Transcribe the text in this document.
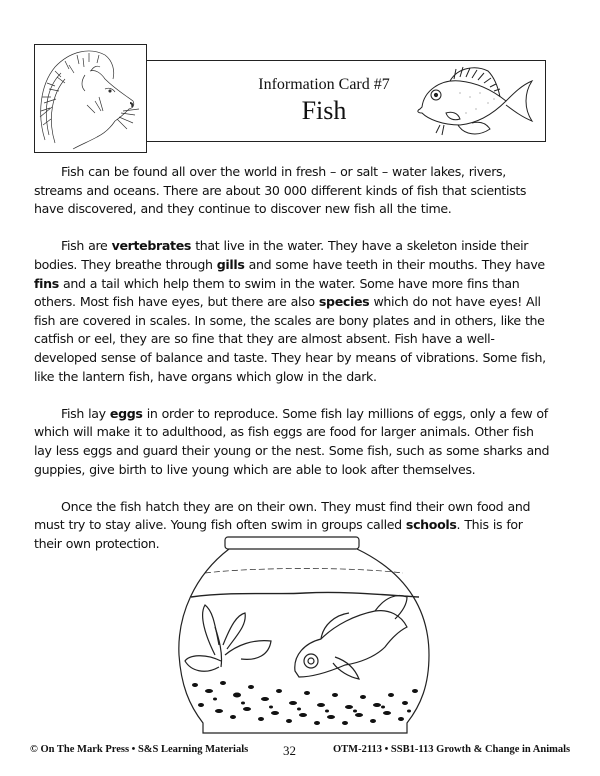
Information Card #7
Fish

Fish can be found all over the world in fresh – or salt – water lakes, rivers, streams and oceans. There are about 30 000 different kinds of fish that scientists have discovered, and they continue to discover new fish all the time.

Fish are vertebrates that live in the water. They have a skeleton inside their bodies. They breathe through gills and some have teeth in their mouths. They have fins and a tail which help them to swim in the water. Some have more fins than others. Most fish have eyes, but there are also species which do not have eyes! All fish are covered in scales. In some, the scales are bony plates and in others, like the catfish or eel, they are so fine that they are almost absent. Fish have a well-developed sense of balance and taste. They hear by means of vibrations. Some fish, like the lantern fish, have organs which glow in the dark.

Fish lay eggs in order to reproduce. Some fish lay millions of eggs, only a few of which will make it to adulthood, as fish eggs are food for larger animals. Other fish lay less eggs and guard their young or the nest. Some fish, such as some sharks and guppies, give birth to live young which are able to look after themselves.

Once the fish hatch they are on their own. They must find their own food and must try to stay alive. Young fish often swim in groups called schools. This is for their own protection.

© On The Mark Press • S&S Learning Materials	32	OTM-2113 • SSB1-113 Growth & Change in Animals
